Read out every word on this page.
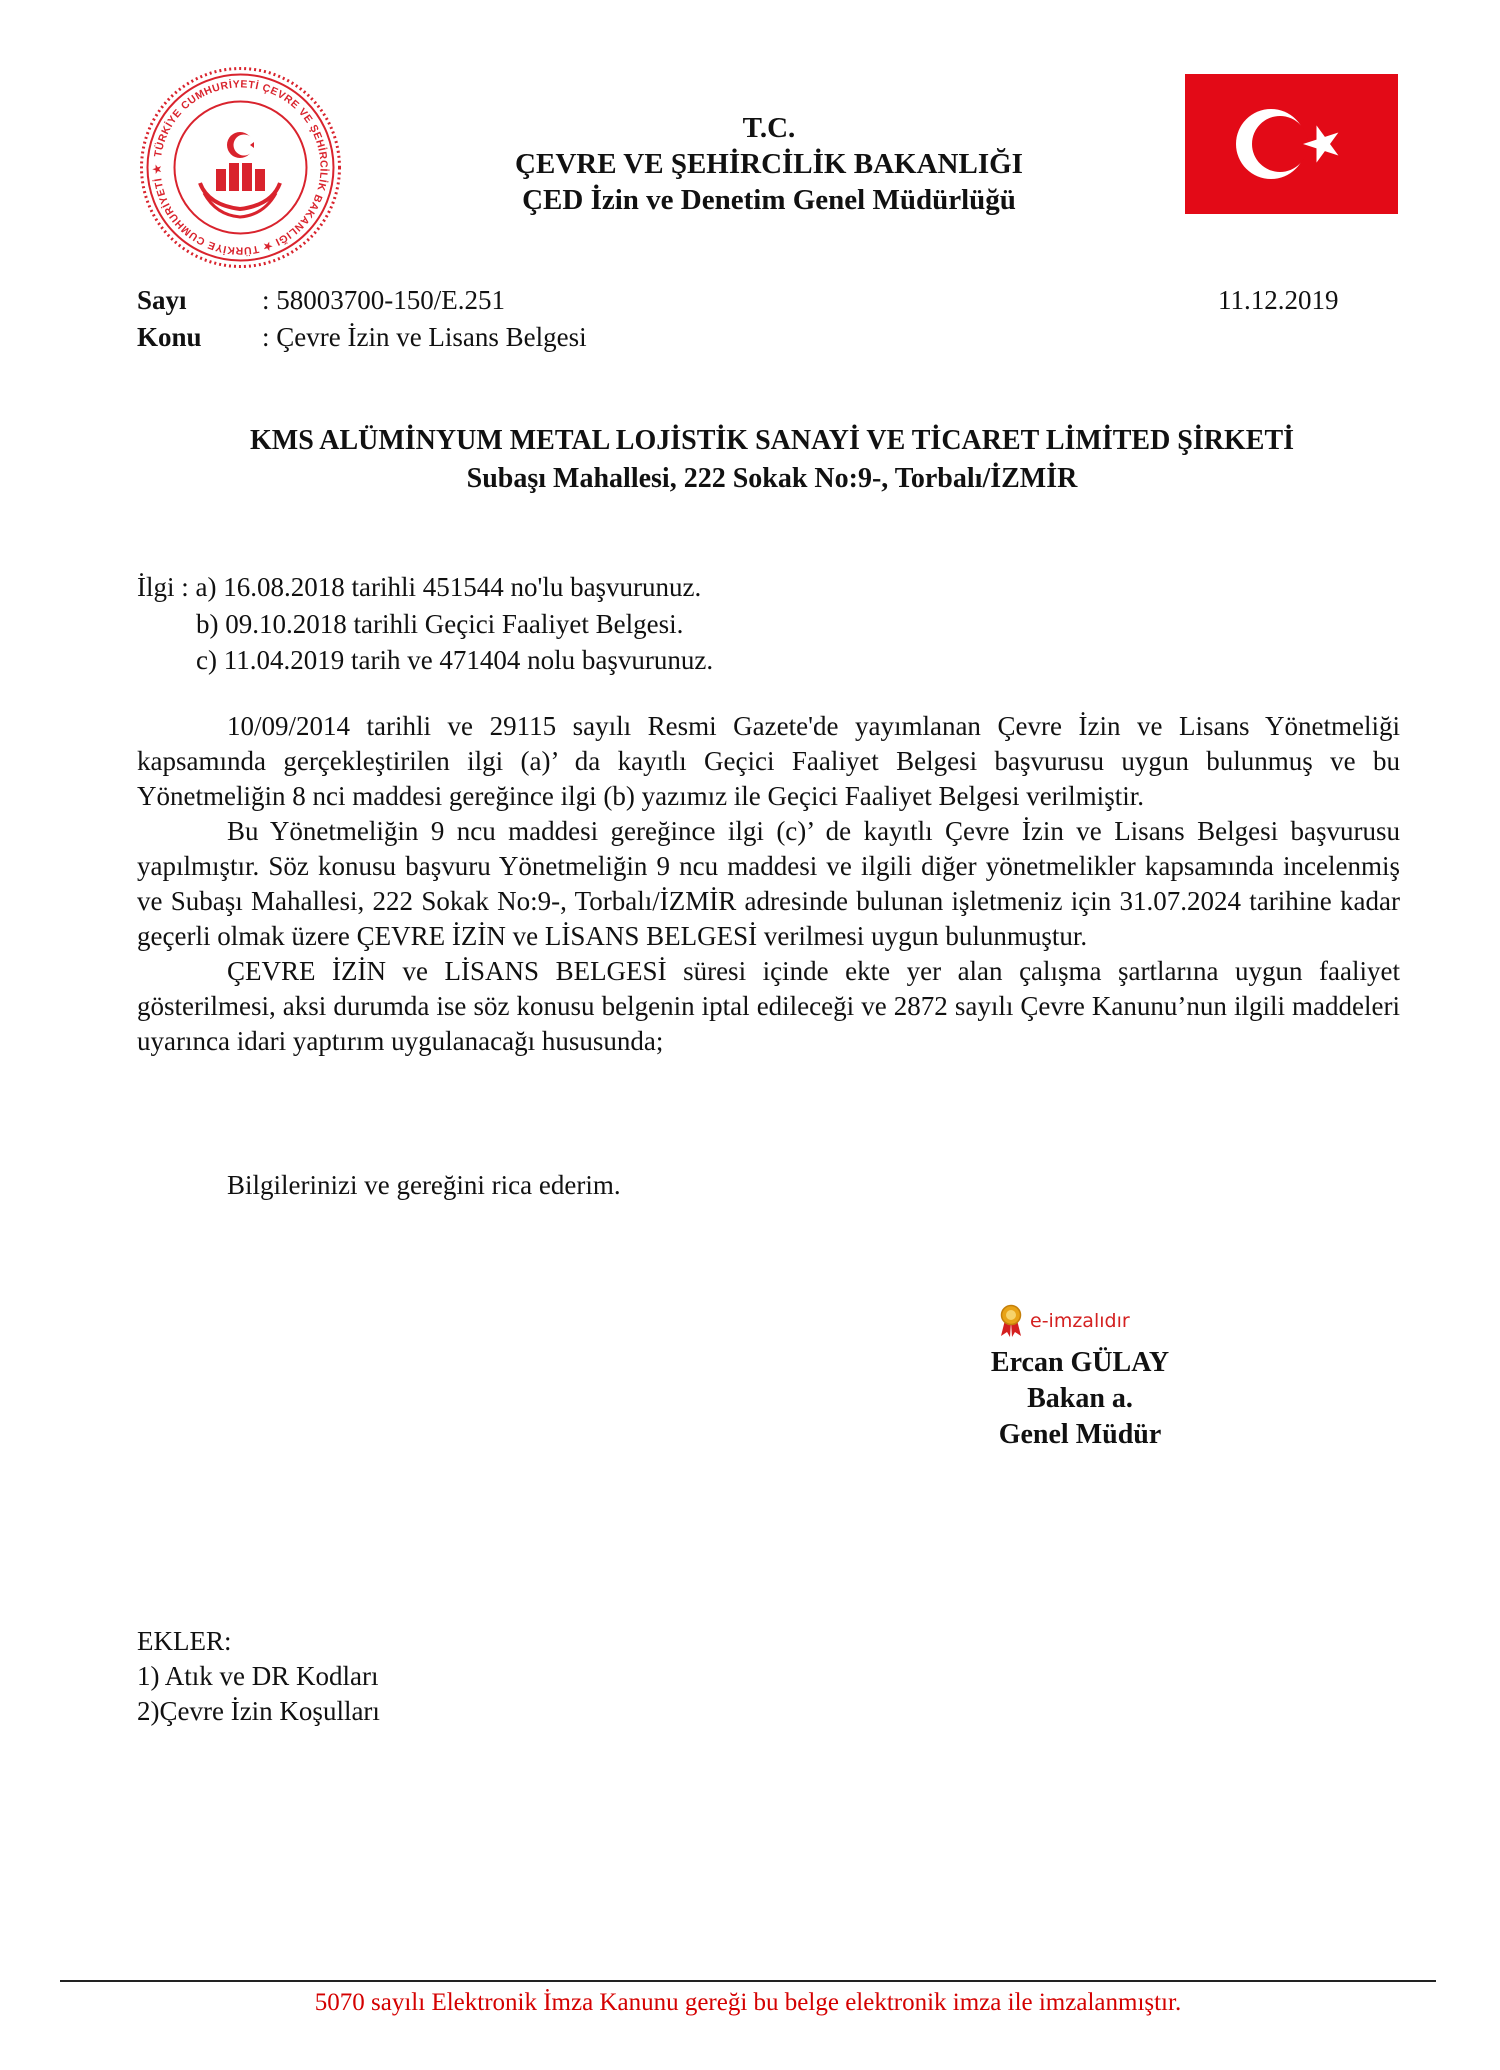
TÜRKİYE CUMHURİYETİ ÇEVRE VE ŞEHİRCİLİK BAKANLIĞI ★ TÜRKİYE CUMHURİYETİ ★
T.C.
ÇEVRE VE ŞEHİRCİLİK BAKANLIĞI
ÇED İzin ve Denetim Genel Müdürlüğü
Sayı	: 58003700-150/E.251	11.12.2019
Konu : Çevre İzin ve Lisans Belgesi
KMS ALÜMİNYUM METAL LOJİSTİK SANAYİ VE TİCARET LİMİTED ŞİRKETİ
Subaşı Mahallesi, 222 Sokak No:9-, Torbalı/İZMİR
İlgi : a) 16.08.2018 tarihli 451544 no'lu başvurunuz.
b) 09.10.2018 tarihli Geçici Faaliyet Belgesi.
c) 11.04.2019 tarih ve 471404 nolu başvurunuz.

10/09/2014 tarihli ve 29115 sayılı Resmi Gazete'de yayımlanan Çevre İzin ve Lisans Yönetmeliği kapsamında gerçekleştirilen ilgi (a)’ da kayıtlı Geçici Faaliyet Belgesi başvurusu uygun bulunmuş ve bu Yönetmeliğin 8 nci maddesi gereğince ilgi (b) yazımız ile Geçici Faaliyet Belgesi verilmiştir.

Bu Yönetmeliğin 9 ncu maddesi gereğince ilgi (c)’ de kayıtlı Çevre İzin ve Lisans Belgesi başvurusu yapılmıştır. Söz konusu başvuru Yönetmeliğin 9 ncu maddesi ve ilgili diğer yönetmelikler kapsamında incelenmiş ve Subaşı Mahallesi, 222 Sokak No:9-, Torbalı/İZMİR adresinde bulunan işletmeniz için 31.07.2024 tarihine kadar geçerli olmak üzere ÇEVRE İZİN ve LİSANS BELGESİ verilmesi uygun bulunmuştur.

ÇEVRE İZİN ve LİSANS BELGESİ süresi içinde ekte yer alan çalışma şartlarına uygun faaliyet gösterilmesi, aksi durumda ise söz konusu belgenin iptal edileceği ve 2872 sayılı Çevre Kanunu’nun ilgili maddeleri uyarınca idari yaptırım uygulanacağı hususunda;

Bilgilerinizi ve gereğini rica ederim.
e-imzalıdır
Ercan GÜLAY
Bakan a.
Genel Müdür
EKLER:
1) Atık ve DR Kodları
2)Çevre İzin Koşulları
5070 sayılı Elektronik İmza Kanunu gereği bu belge elektronik imza ile imzalanmıştır.
